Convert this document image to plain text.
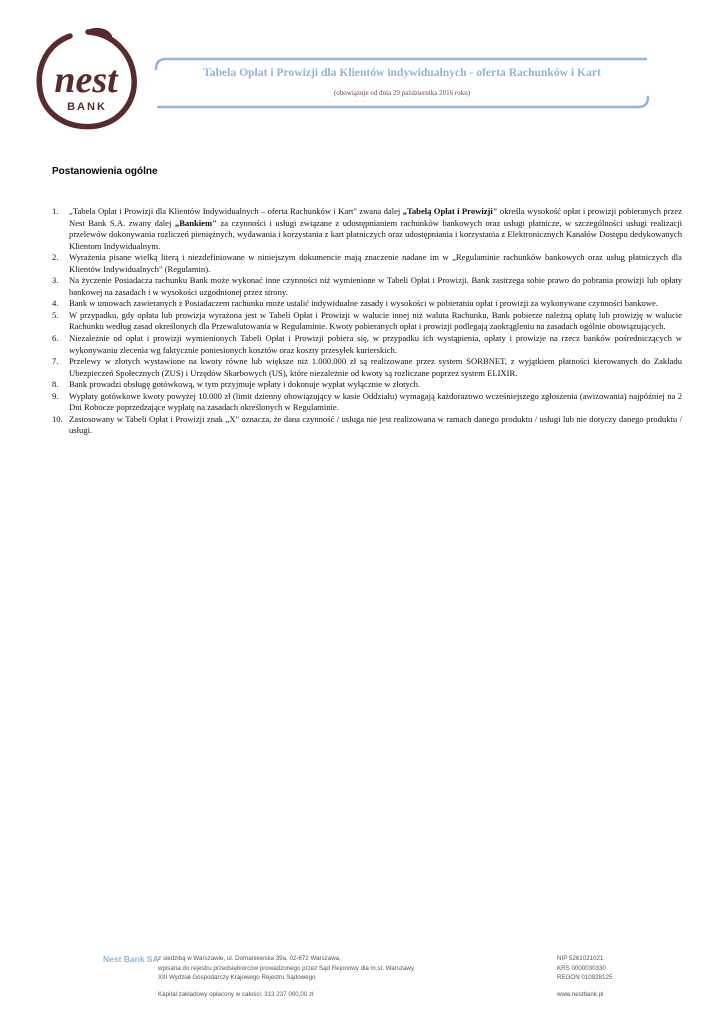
nest
BANK
Tabela Opłat i Prowizji dla Klientów indywidualnych - oferta Rachunków i Kart
(obowiązuje od dnia 29 października 2016 roku)
Postanowienia ogólne
1. „Tabela Opłat i Prowizji dla Klientów Indywidualnych – oferta Rachunków i Kart" zwana dalej „Tabelą Opłat i Prowizji" określa wysokość opłat i prowizji pobieranych przez Nest Bank S.A. zwany dalej „Bankiem" za czynności i usługi związane z udostępnianiem rachunków bankowych oraz usługi płatnicze, w szczególności usługi realizacji przelewów dokonywania rozliczeń pieniężnych, wydawania i korzystania z kart płatniczych oraz udostępniania i korzystania z Elektronicznych Kanałów Dostępu dedykowanych Klientom Indywidualnym.
2. Wyrażenia pisane wielką literą i niezdefiniowane w niniejszym dokumencie mają znaczenie nadane im w „Regulaminie rachunków bankowych oraz usług płatniczych dla Klientów Indywidualnych" (Regulamin).
3. Na życzenie Posiadacza rachunku Bank może wykonać inne czynności niż wymienione w Tabeli Opłat i Prowizji. Bank zastrzega sobie prawo do pobrania prowizji lub opłaty bankowej na zasadach i w wysokości uzgodnionej przez strony.
4. Bank w umowach zawieranych z Posiadaczem rachunku może ustalić indywidualne zasady i wysokości w pobieraniu opłat i prowizji za wykonywane czynności bankowe.
5. W przypadku, gdy opłata lub prowizja wyrażona jest w Tabeli Opłat i Prowizji w walucie innej niż waluta Rachunku, Bank pobierze należną opłatę lub prowizję w walucie Rachunku według zasad określonych dla Przewalutowania w Regulaminie. Kwoty pobieranych opłat i prowizji podlegają zaokrągleniu na zasadach ogólnie obowiązujących.
6. Niezależnie od opłat i prowizji wymienionych Tabeli Opłat i Prowizji pobiera się, w przypadku ich wystąpienia, opłaty i prowizje na rzecz banków pośredniczących w wykonywaniu zlecenia wg faktycznie poniesionych kosztów oraz koszty przesyłek kurierskich.
7. Przelewy w złotych wystawione na kwoty równe lub większe niż 1.000.000 zł są realizowane przez system SORBNET, z wyjątkiem płatności kierowanych do Zakładu Ubezpieczeń Społecznych (ZUS) i Urzędów Skarbowych (US), które niezależnie od kwoty są rozliczane poprzez system ELIXIR.
8. Bank prowadzi obsługę gotówkową, w tym przyjmuje wpłaty i dokonuje wypłat wyłącznie w złotych.
9. Wypłaty gotówkowe kwoty powyżej 10.000 zł (limit dzienny obowiązujący w kasie Oddziału) wymagają każdorazowo wcześniejszego zgłoszenia (awizowania) najpóźniej na 2 Dni Robocze poprzedzające wypłatę na zasadach określonych w Regulaminie.
10. Zastosowany w Tabeli Opłat i Prowizji znak „X" oznacza, że dana czynność / usługa nie jest realizowana w ramach danego produktu / usługi lub nie dotyczy danego produktu / usługi.
Nest Bank SA z siedzibą w Warszawie, ul. Domaniewska 39a, 02-672 Warszawa,
wpisana do rejestru przedsiębiorców prowadzonego przez Sąd Rejonowy dla m.st. Warszawy,
XIII Wydział Gospodarczy Krajowego Rejestru Sądowego
NIP 5261021021
KRS 0000030330
REGON 010928125
Kapitał zakładowy opłacony w całości: 313 237 000,00 zł	www.nestbank.pl
